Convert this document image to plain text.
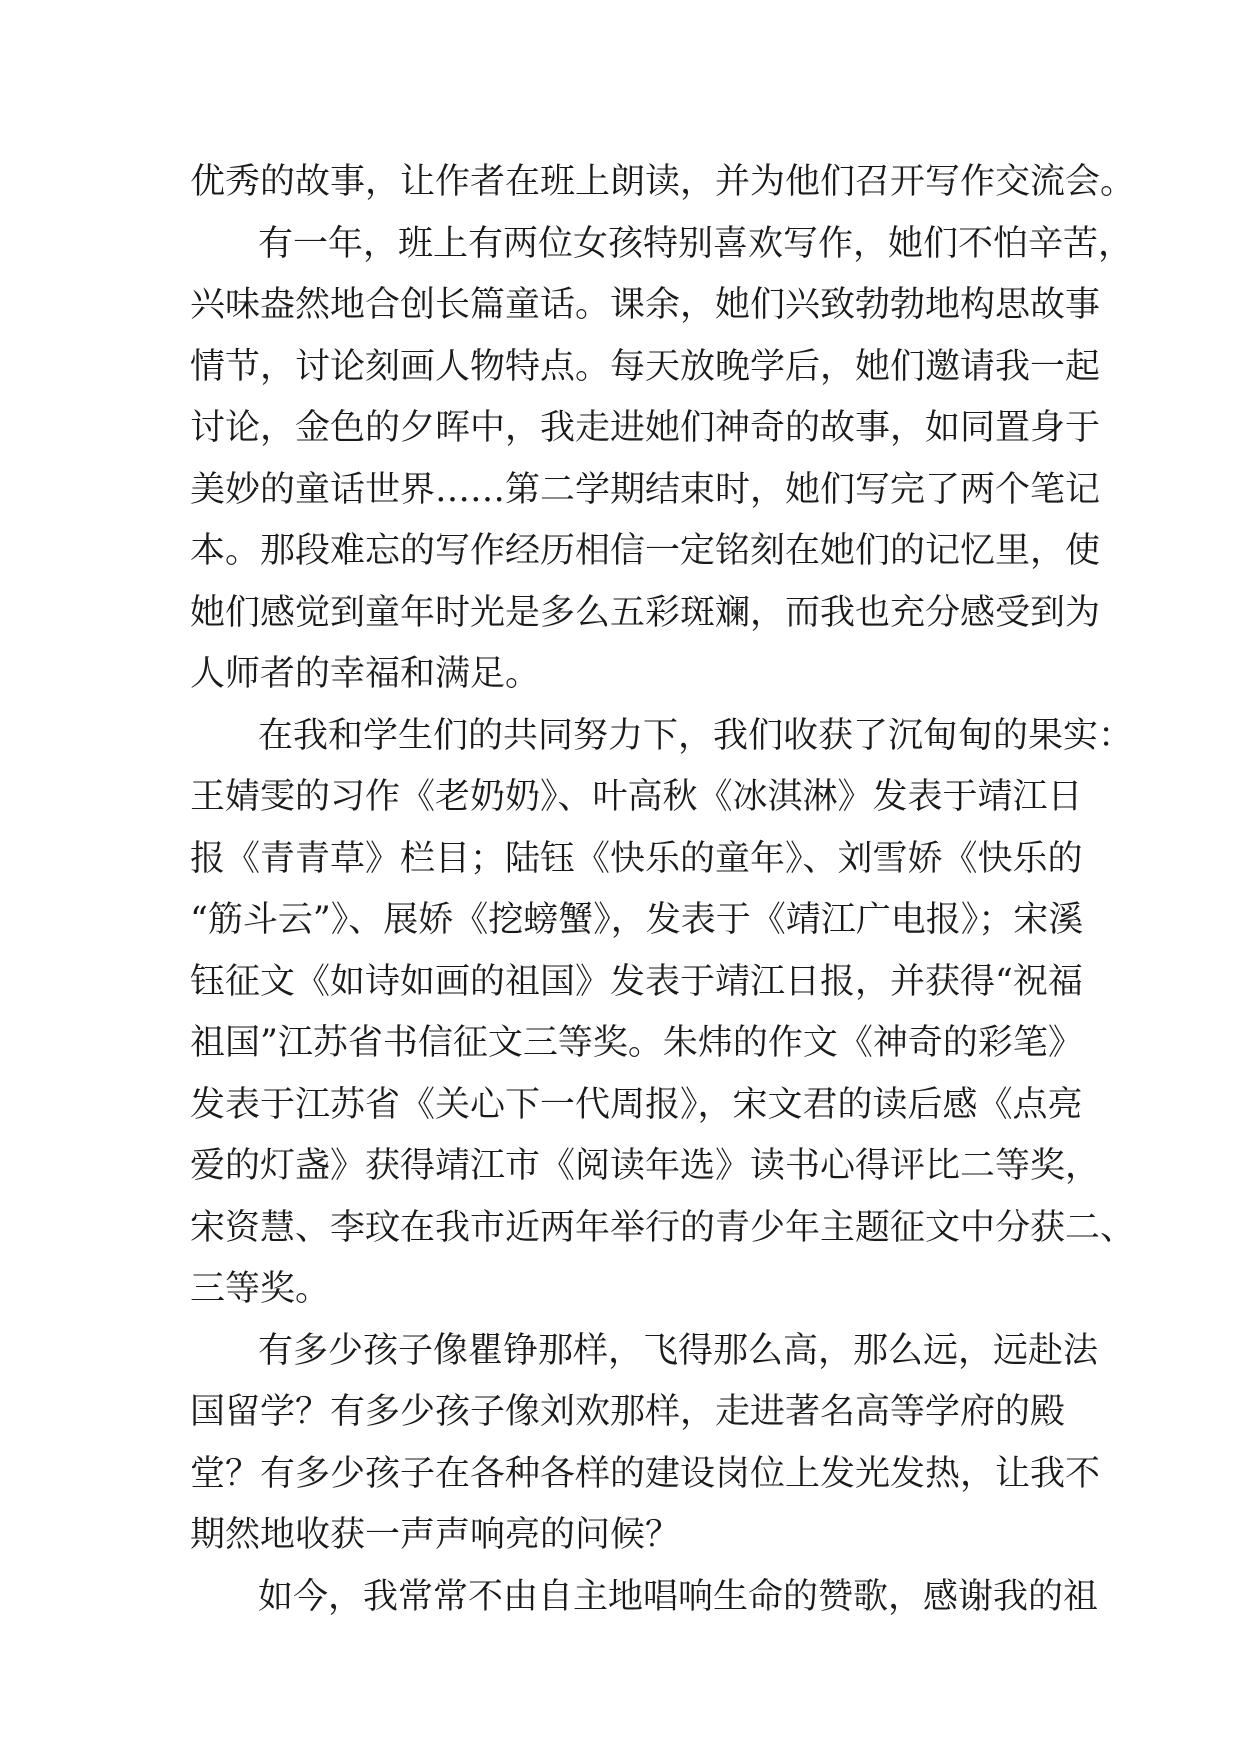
优秀的故事，让作者在班上朗读，并为他们召开写作交流会。
有一年，班上有两位女孩特别喜欢写作，她们不怕辛苦，
兴味盎然地合创长篇童话。课余，她们兴致勃勃地构思故事
情节，讨论刻画人物特点。每天放晚学后，她们邀请我一起
讨论，金色的夕晖中，我走进她们神奇的故事，如同置身于
美妙的童话世界……第二学期结束时，她们写完了两个笔记
本。那段难忘的写作经历相信一定铭刻在她们的记忆里，使
她们感觉到童年时光是多么五彩斑斓，而我也充分感受到为
人师者的幸福和满足。
在我和学生们的共同努力下，我们收获了沉甸甸的果实：
王婧雯的习作《老奶奶》、叶高秋《冰淇淋》发表于靖江日
报《青青草》栏目；陆钰《快乐的童年》、刘雪娇《快乐的
“筋斗云”》、展娇《挖螃蟹》，发表于《靖江广电报》；宋溪
钰征文《如诗如画的祖国》发表于靖江日报，并获得“祝福
祖国”江苏省书信征文三等奖。朱炜的作文《神奇的彩笔》
发表于江苏省《关心下一代周报》，宋文君的读后感《点亮
爱的灯盏》获得靖江市《阅读年选》读书心得评比二等奖，
宋资慧、李玟在我市近两年举行的青少年主题征文中分获二、
三等奖。
有多少孩子像瞿铮那样，飞得那么高，那么远，远赴法
国留学？有多少孩子像刘欢那样，走进著名高等学府的殿
堂？有多少孩子在各种各样的建设岗位上发光发热，让我不
期然地收获一声声响亮的问候？
如今，我常常不由自主地唱响生命的赞歌，感谢我的祖
